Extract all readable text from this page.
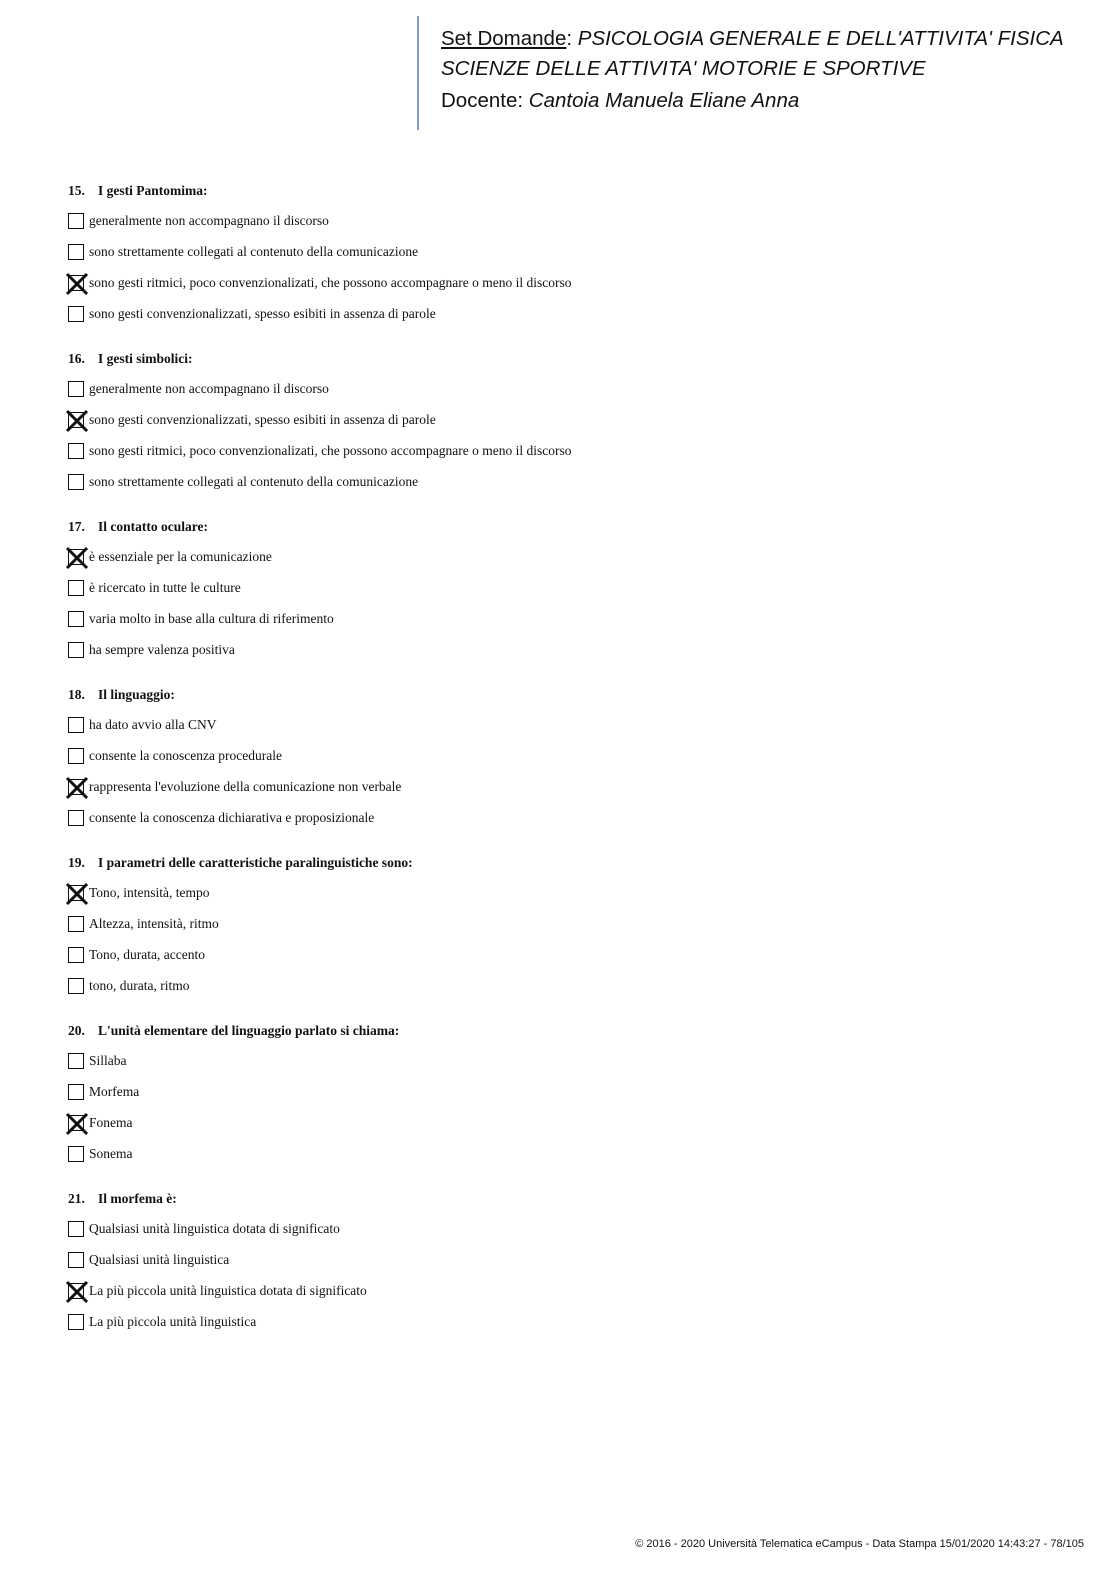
Set Domande: PSICOLOGIA GENERALE E DELL'ATTIVITA' FISICA
SCIENZE DELLE ATTIVITA' MOTORIE E SPORTIVE
Docente: Cantoia Manuela Eliane Anna
15. I gesti Pantomima:
generalmente non accompagnano il discorso
sono strettamente collegati al contenuto della comunicazione
sono gesti ritmici, poco convenzionalizati, che possono accompagnare o meno il discorso
sono gesti convenzionalizzati, spesso esibiti in assenza di parole
16. I gesti simbolici:
generalmente non accompagnano il discorso
sono gesti convenzionalizzati, spesso esibiti in assenza di parole
sono gesti ritmici, poco convenzionalizati, che possono accompagnare o meno il discorso
sono strettamente collegati al contenuto della comunicazione
17. Il contatto oculare:
è essenziale per la comunicazione
è ricercato in tutte le culture
varia molto in base alla cultura di riferimento
ha sempre valenza positiva
18. Il linguaggio:
ha dato avvio alla CNV
consente la conoscenza procedurale
rappresenta l'evoluzione della comunicazione non verbale
consente la conoscenza dichiarativa e proposizionale
19. I parametri delle caratteristiche paralinguistiche sono:
Tono, intensità, tempo
Altezza, intensità, ritmo
Tono, durata, accento
tono, durata, ritmo
20. L'unità elementare del linguaggio parlato si chiama:
Sillaba
Morfema
Fonema
Sonema
21. Il morfema è:
Qualsiasi unità linguistica dotata di significato
Qualsiasi unità linguistica
La più piccola unità linguistica dotata di significato
La più piccola unità linguistica
© 2016 - 2020 Università Telematica eCampus - Data Stampa 15/01/2020 14:43:27 - 78/105
